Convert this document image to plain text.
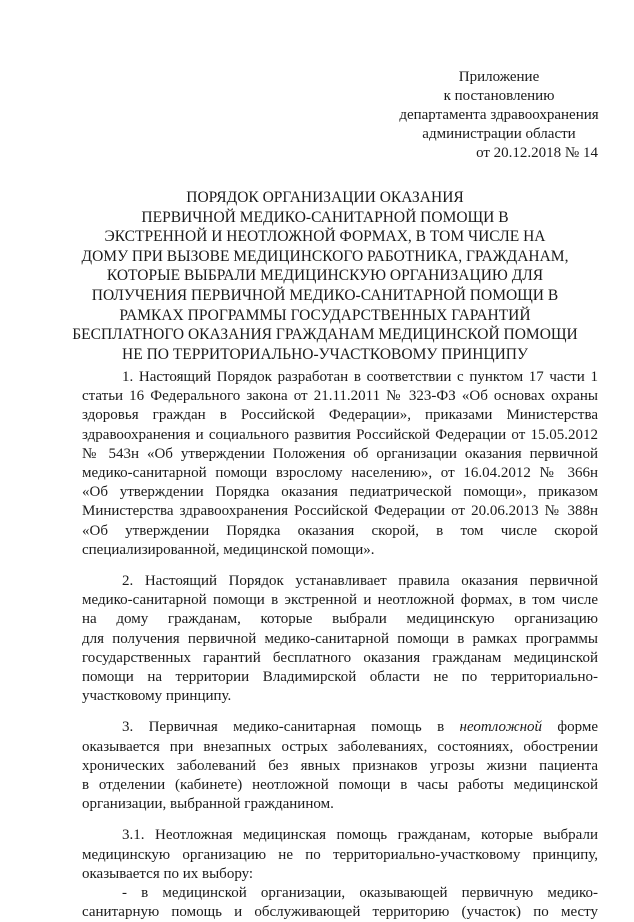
Приложение
к постановлению
департамента здравоохранения
администрации области
от 20.12.2018 № 14
ПОРЯДОК ОРГАНИЗАЦИИ ОКАЗАНИЯ
ПЕРВИЧНОЙ МЕДИКО-САНИТАРНОЙ ПОМОЩИ В
ЭКСТРЕННОЙ И НЕОТЛОЖНОЙ ФОРМАХ, В ТОМ ЧИСЛЕ НА
ДОМУ ПРИ ВЫЗОВЕ МЕДИЦИНСКОГО РАБОТНИКА, ГРАЖДАНАМ,
КОТОРЫЕ ВЫБРАЛИ МЕДИЦИНСКУЮ ОРГАНИЗАЦИЮ ДЛЯ
ПОЛУЧЕНИЯ ПЕРВИЧНОЙ МЕДИКО-САНИТАРНОЙ ПОМОЩИ В
РАМКАХ ПРОГРАММЫ ГОСУДАРСТВЕННЫХ ГАРАНТИЙ
БЕСПЛАТНОГО ОКАЗАНИЯ ГРАЖДАНАМ МЕДИЦИНСКОЙ ПОМОЩИ
НЕ ПО ТЕРРИТОРИАЛЬНО-УЧАСТКОВОМУ ПРИНЦИПУ
1. Настоящий Порядок разработан в соответствии с пунктом 17 части 1
статьи 16 Федерального закона от 21.11.2011 № 323-ФЗ «Об основах охраны
здоровья граждан в Российской Федерации», приказами Министерства
здравоохранения и социального развития Российской Федерации от 15.05.2012
№ 543н «Об утверждении Положения об организации оказания первичной
медико-санитарной помощи взрослому населению», от 16.04.2012 № 366н
«Об утверждении Порядка оказания педиатрической помощи», приказом
Министерства здравоохранения Российской Федерации от 20.06.2013 № 388н
«Об утверждении Порядка оказания скорой, в том числе скорой
специализированной, медицинской помощи».
2. Настоящий Порядок устанавливает правила оказания первичной
медико-санитарной помощи в экстренной и неотложной формах, в том числе
на дому гражданам, которые выбрали медицинскую организацию
для получения первичной медико-санитарной помощи в рамках программы
государственных гарантий бесплатного оказания гражданам медицинской
помощи на территории Владимирской области не по территориально-
участковому принципу.
3. Первичная медико-санитарная помощь в неотложной форме
оказывается при внезапных острых заболеваниях, состояниях, обострении
хронических заболеваний без явных признаков угрозы жизни пациента
в отделении (кабинете) неотложной помощи в часы работы медицинской
организации, выбранной гражданином.
3.1. Неотложная медицинская помощь гражданам, которые выбрали
медицинскую организацию не по территориально-участковому принципу,
оказывается по их выбору:
- в медицинской организации, оказывающей первичную медико-
санитарную помощь и обслуживающей территорию (участок) по месту
